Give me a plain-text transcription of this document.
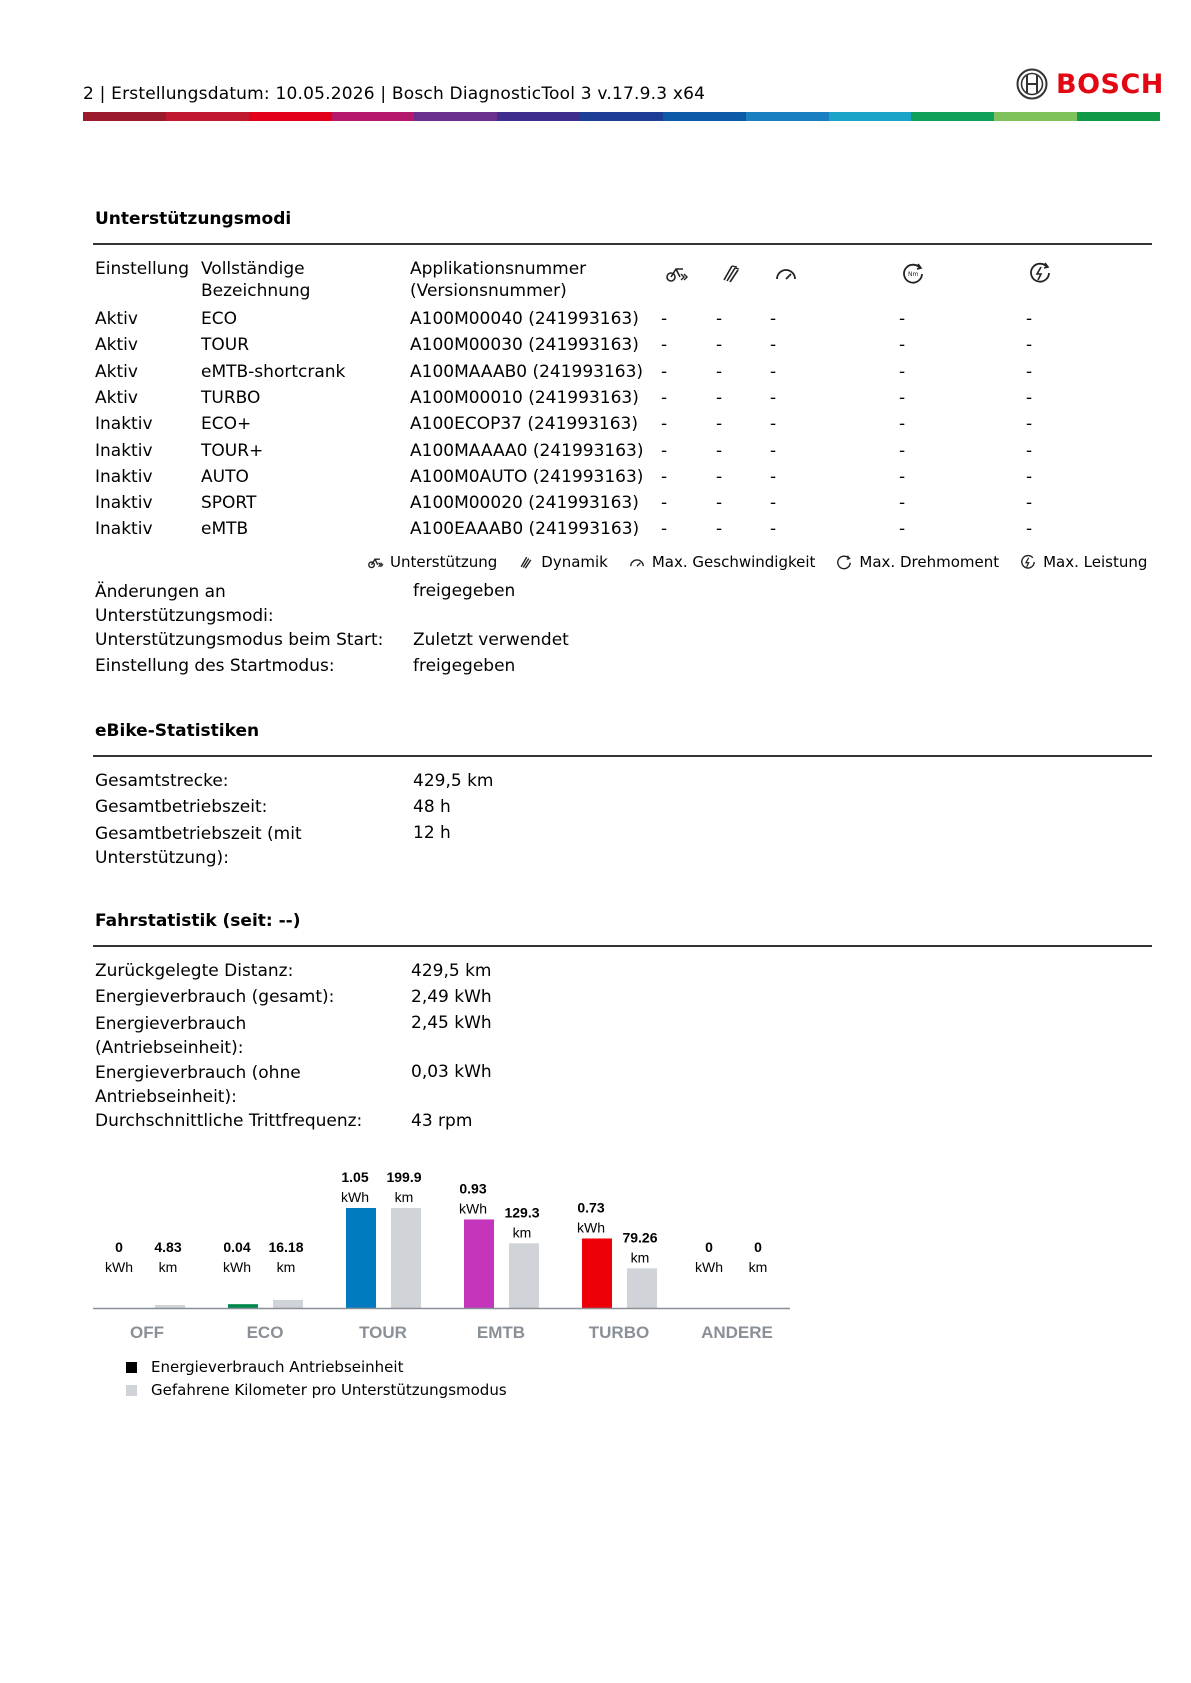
2 | Erstellungsdatum: 10.05.2026 | Bosch DiagnosticTool 3 v.17.9.3 x64	BOSCH
Unterstützungsmodi
Einstellung Vollständige Bezeichnung
Applikationsnummer (Versionsnummer)
Nm
Aktiv	ECO	A100M00040 (241993163) -	-	-	-	-
Aktiv	TOUR	A100M00030 (241993163) -	-	-	-	-
Aktiv	eMTB-shortcrank	A100MAAAB0 (241993163) -	-	-	-	-
Aktiv	TURBO	A100M00010 (241993163) -	-	-	-	-
Inaktiv	ECO+	A100ECOP37 (241993163) -	-	-	-	-
Inaktiv	TOUR+	A100MAAAA0 (241993163) -	-	-	-	-
Inaktiv	AUTO	A100M0AUTO (241993163) -	-	-	-	-
Inaktiv	SPORT	A100M00020 (241993163) -	-	-	-	-
Inaktiv	eMTB	A100EAAAB0 (241993163) -	-	-	-	-
Unterstützung	Dynamik	Max. Geschwindigkeit	Max. Drehmoment	Max. Leistung
Änderungen an Unterstützungsmodi:
freigegeben
Unterstützungsmodus beim Start: Zuletzt verwendet
Einstellung des Startmodus:	freigegeben
eBike-Statistiken
Gesamtstrecke:	429,5 km
Gesamtbetriebszeit:	48 h
Gesamtbetriebszeit (mit Unterstützung):
12 h
Fahrstatistik (seit: --)
Zurückgelegte Distanz:	429,5 km
Energieverbrauch (gesamt):	2,49 kWh
Energieverbrauch (Antriebseinheit):
2,45 kWh
Energieverbrauch (ohne Antriebseinheit):
0,03 kWh
Durchschnittliche Trittfrequenz:	43 rpm
0
kWh
4.83
km
OFF
0.04
kWh
16.18
km
ECO
1.05
kWh
199.9
km
TOUR
0.93
kWh 129.3
km
EMTB
0.73
kWh
79.26
km
TURBO
0
kWh
0
km
ANDERE
Energieverbrauch Antriebseinheit
Gefahrene Kilometer pro Unterstützungsmodus
